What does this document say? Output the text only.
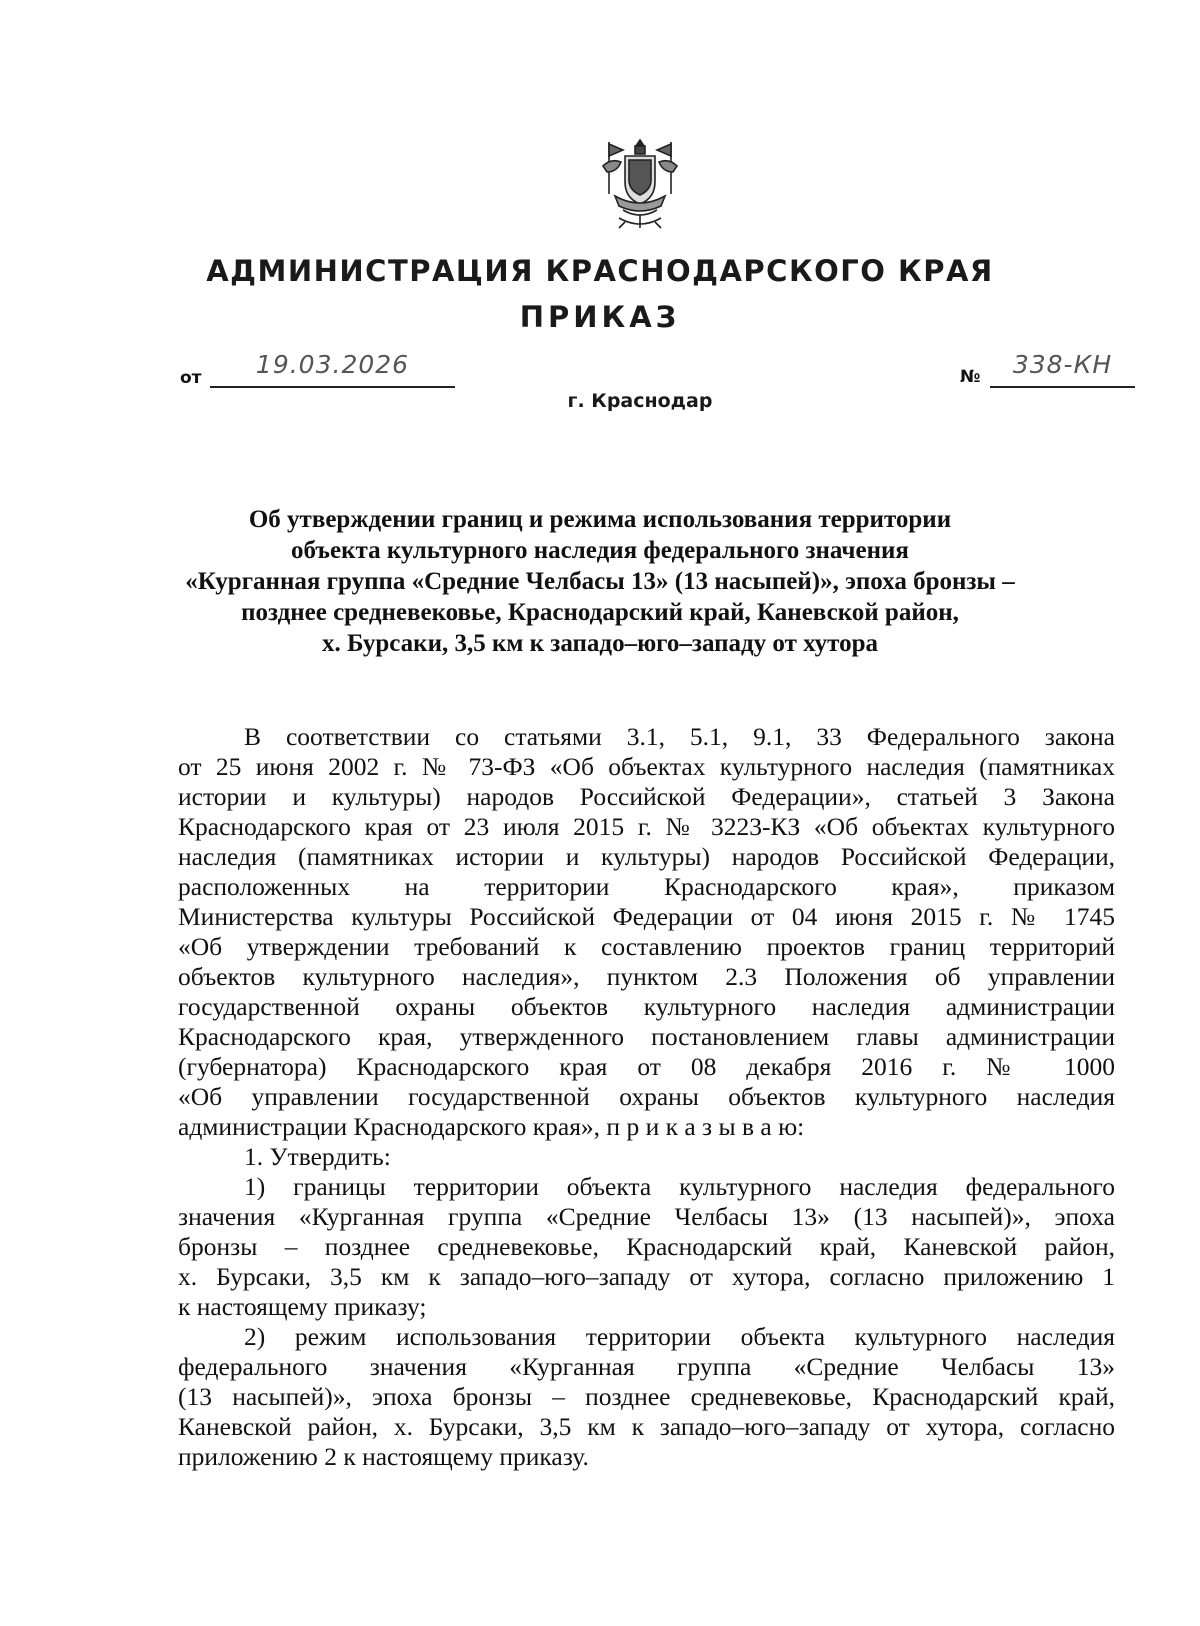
АДМИНИСТРАЦИЯ КРАСНОДАРСКОГО КРАЯ
ПРИКАЗ
от	19.03.2026	№	338-КН
г. Краснодар
Об утверждении границ и режима использования территории
объекта культурного наследия федерального значения
«Курганная группа «Средние Челбасы 13» (13 насыпей)», эпоха бронзы –
позднее средневековье, Краснодарский край, Каневской район,
х. Бурсаки, 3,5 км к западо–юго–западу от хутора
В соответствии со статьями 3.1, 5.1, 9.1, 33 Федерального закона
от 25 июня 2002 г. № 73-ФЗ «Об объектах культурного наследия (памятниках
истории и культуры) народов Российской Федерации», статьей 3 Закона
Краснодарского края от 23 июля 2015 г. № 3223-КЗ «Об объектах культурного
наследия (памятниках истории и культуры) народов Российской Федерации,
расположенных на территории Краснодарского края», приказом
Министерства культуры Российской Федерации от 04 июня 2015 г. № 1745
«Об утверждении требований к составлению проектов границ территорий
объектов культурного наследия», пунктом 2.3 Положения об управлении
государственной охраны объектов культурного наследия администрации
Краснодарского края, утвержденного постановлением главы администрации
(губернатора) Краснодарского края от 08 декабря 2016 г. № 1000
«Об управлении государственной охраны объектов культурного наследия
администрации Краснодарского края», п р и к а з ы в а ю:
1. Утвердить:
1) границы территории объекта культурного наследия федерального
значения «Курганная группа «Средние Челбасы 13» (13 насыпей)», эпоха
бронзы – позднее средневековье, Краснодарский край, Каневской район,
х. Бурсаки, 3,5 км к западо–юго–западу от хутора, согласно приложению 1
к настоящему приказу;
2) режим использования территории объекта культурного наследия
федерального значения «Курганная группа «Средние Челбасы 13»
(13 насыпей)», эпоха бронзы – позднее средневековье, Краснодарский край,
Каневской район, х. Бурсаки, 3,5 км к западо–юго–западу от хутора, согласно
приложению 2 к настоящему приказу.
